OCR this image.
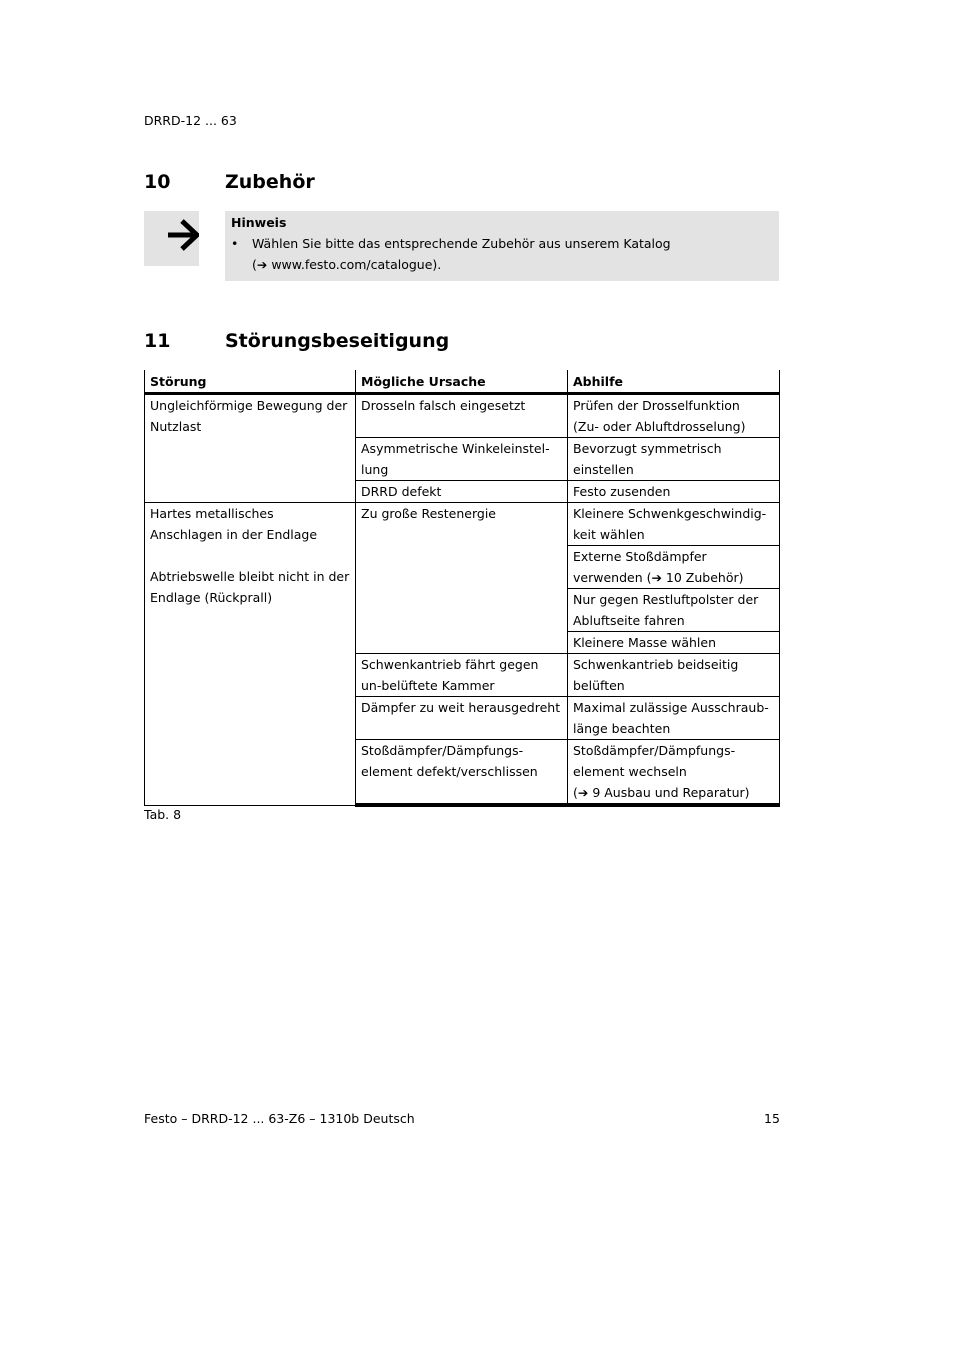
DRRD-12 ... 63
10	Zubehör
Hinweis
• Wählen Sie bitte das entsprechende Zubehör aus unserem Katalog
(➔ www.festo.com/catalogue).
11	Störungsbeseitigung
Störung	Mögliche Ursache	Abhilfe
Ungleichförmige Bewegung der Nutzlast	Drosseln falsch eingesetzt	Prüfen der Drosselfunktion
(Zu- oder Abluftdrosselung)

	Asymmetrische Winkeleinstel-lung	Bevorzugt symmetrisch einstellen
	DRRD defekt	Festo zusenden

Hartes metallisches Anschlagen in der Endlage
Abtriebswelle bleibt nicht in der Endlage (Rückprall)	Zu große Restenergie	Kleinere Schwenkgeschwindig-keit wählen
		Externe Stoßdämpfer verwenden (➔ 10 Zubehör)
		Nur gegen Restluftpolster der Abluftseite fahren
		Kleinere Masse wählen
	Schwenkantrieb fährt gegen un-belüftete Kammer	Schwenkantrieb beidseitig belüften
	Dämpfer zu weit herausgedreht	Maximal zulässige Ausschraub-länge beachten
	Stoßdämpfer/Dämpfungs-element defekt/verschlissen	Stoßdämpfer/Dämpfungs-element wechseln
(➔ 9 Ausbau und Reparatur)
Tab. 8
Festo – DRRD-12 ... 63-Z6 – 1310b Deutsch	15
